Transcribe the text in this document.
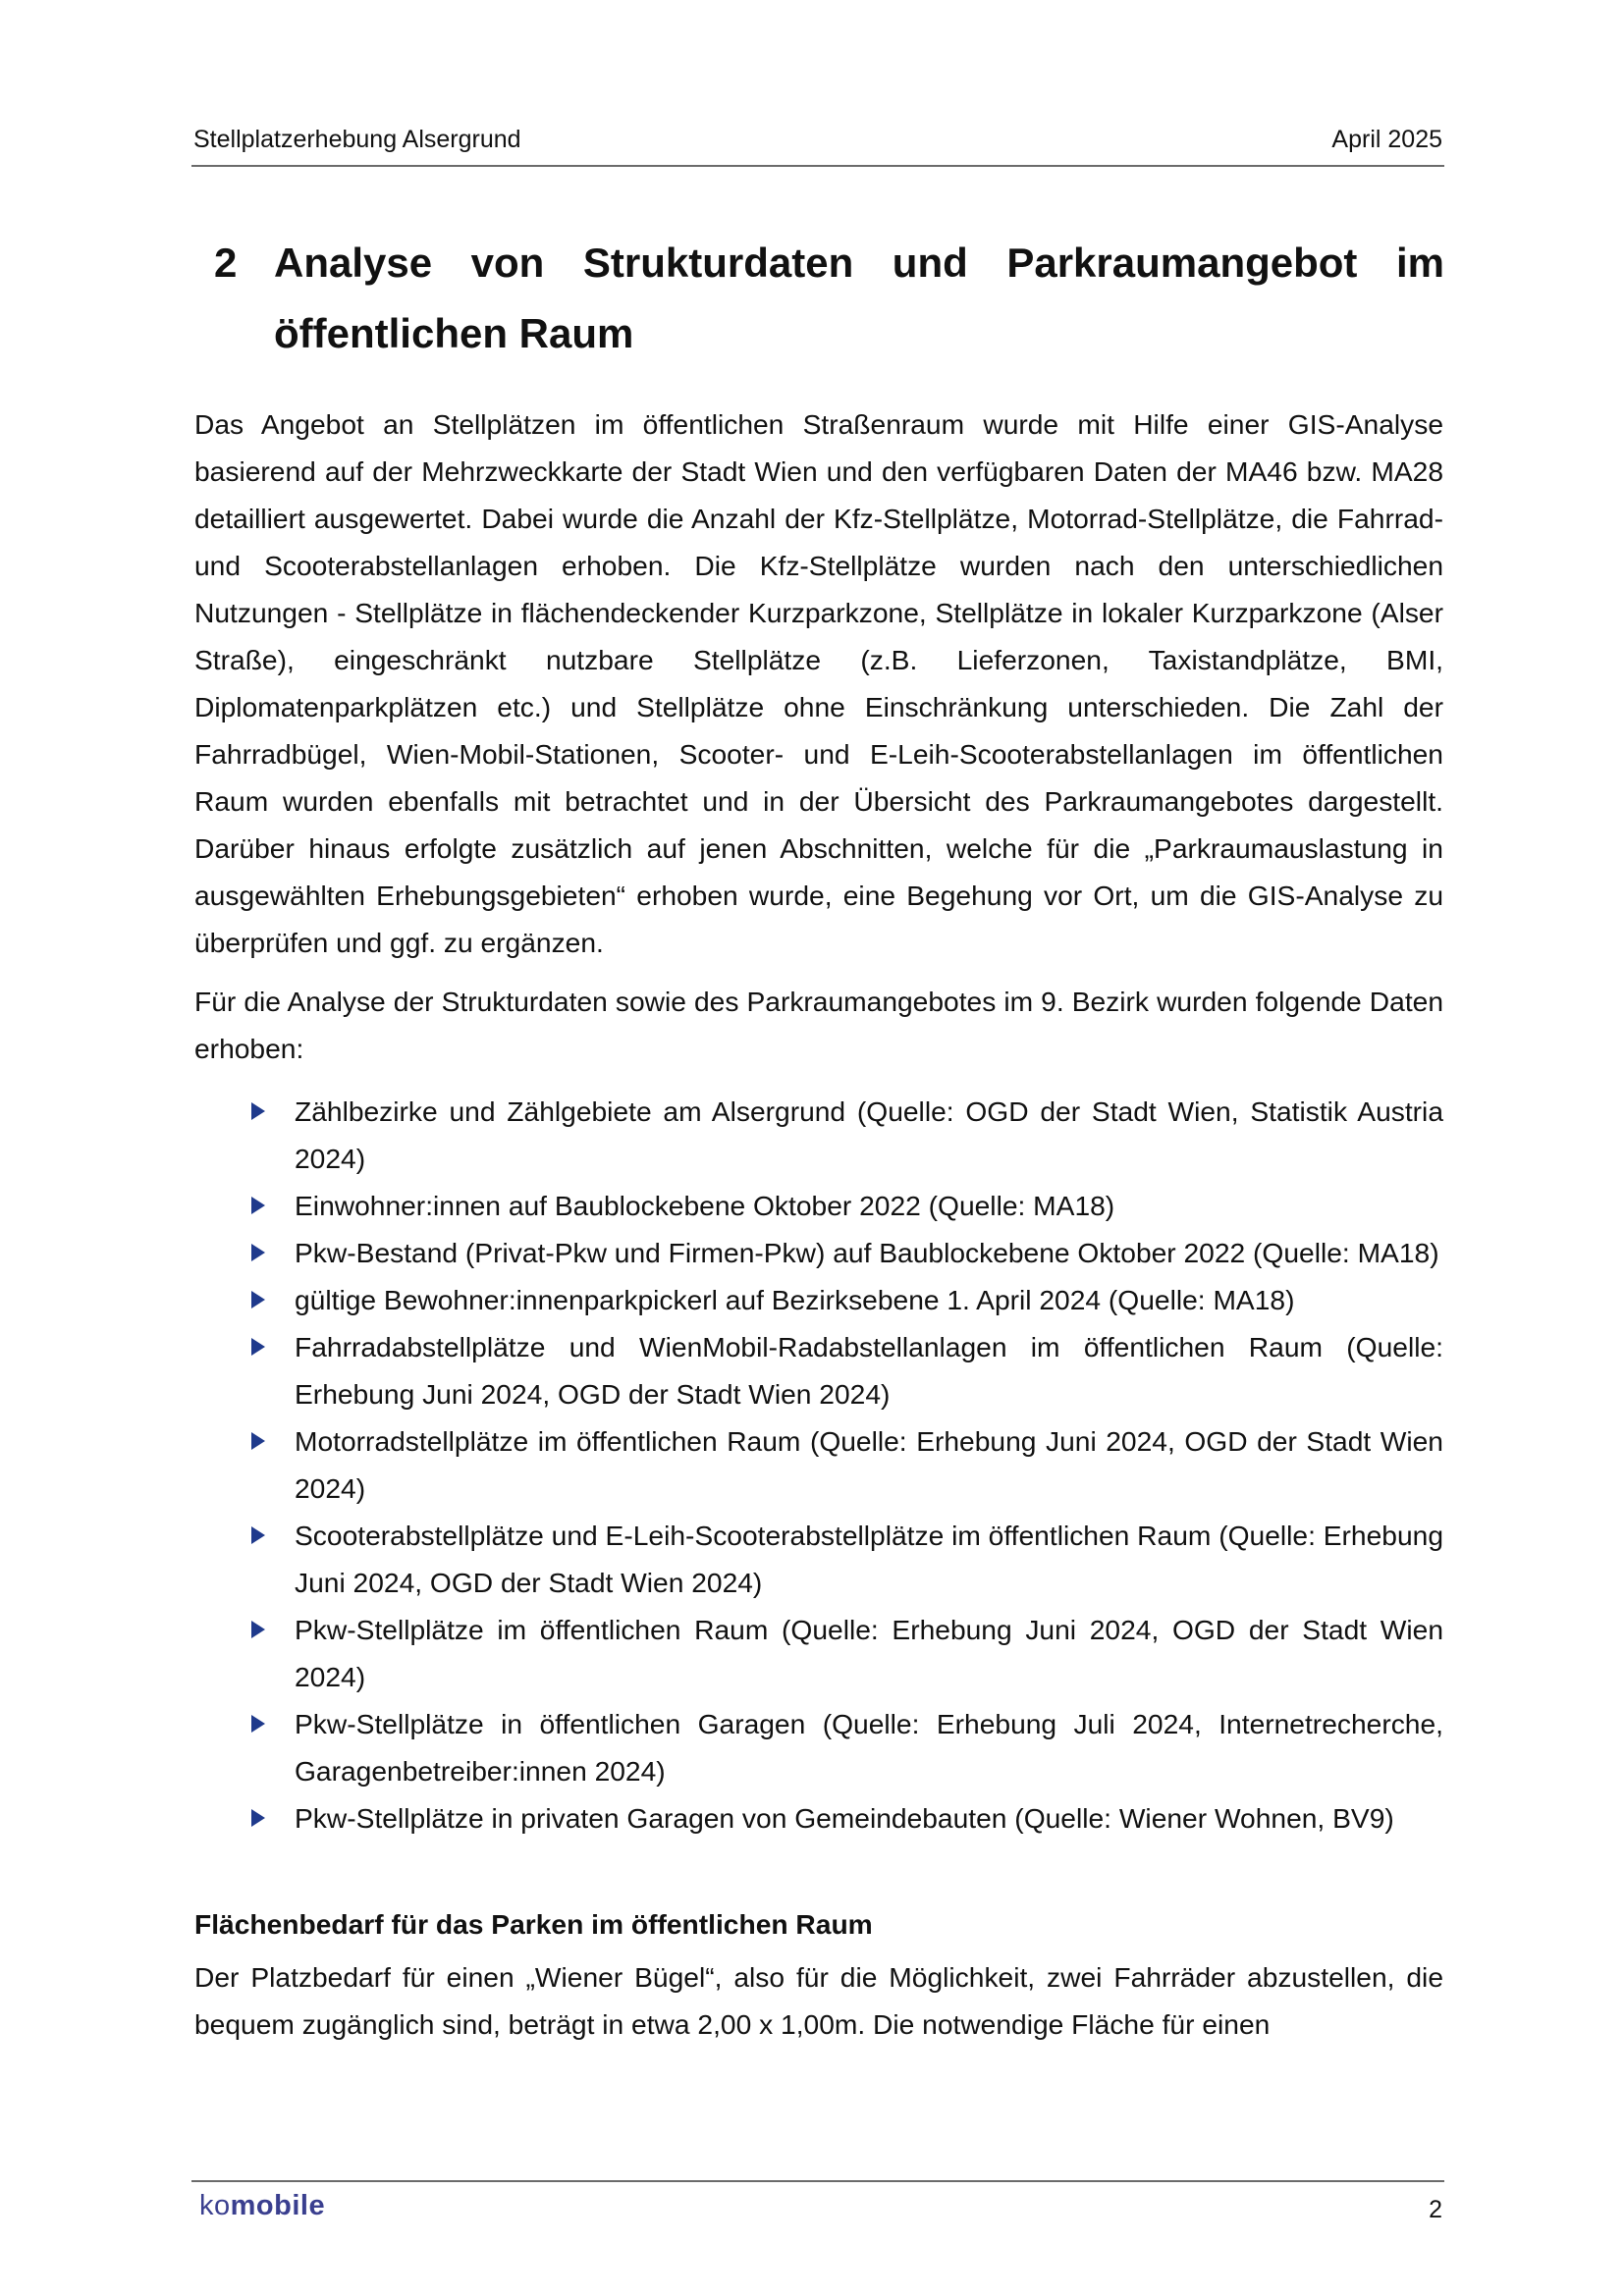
Stellplatzerhebung Alsergrund	April 2025
2 Analyse von Strukturdaten und Parkraumangebot im öffentlichen Raum

Das Angebot an Stellplätzen im öffentlichen Straßenraum wurde mit Hilfe einer GIS-Analyse basierend auf der Mehrzweckkarte der Stadt Wien und den verfügbaren Daten der MA46 bzw. MA28 detailliert ausgewertet. Dabei wurde die Anzahl der Kfz-Stellplätze, Motorrad-Stellplätze, die Fahrrad- und Scooterabstellanlagen erhoben. Die Kfz-Stellplätze wurden nach den unterschiedlichen Nutzungen - Stellplätze in flächendeckender Kurzparkzone, Stellplätze in lokaler Kurzparkzone (Alser Straße), eingeschränkt nutzbare Stellplätze (z.B. Lieferzonen, Taxistandplätze, BMI, Diplomatenparkplätzen etc.) und Stellplätze ohne Einschränkung unterschieden. Die Zahl der Fahrradbügel, Wien-Mobil-Stationen, Scooter- und E-Leih-Scooterabstellanlagen im öffentlichen Raum wurden ebenfalls mit betrachtet und in der Übersicht des Parkraumangebotes dargestellt. Darüber hinaus erfolgte zusätzlich auf jenen Abschnitten, welche für die „Parkraumauslastung in ausgewählten Erhebungsgebieten“ erhoben wurde, eine Begehung vor Ort, um die GIS-Analyse zu überprüfen und ggf. zu ergänzen.

Für die Analyse der Strukturdaten sowie des Parkraumangebotes im 9. Bezirk wurden folgende Daten erhoben:

Zählbezirke und Zählgebiete am Alsergrund (Quelle: OGD der Stadt Wien, Statistik Austria 2024)
Einwohner:innen auf Baublockebene Oktober 2022 (Quelle: MA18)
Pkw-Bestand (Privat-Pkw und Firmen-Pkw) auf Baublockebene Oktober 2022 (Quelle: MA18)
gültige Bewohner:innenparkpickerl auf Bezirksebene 1. April 2024 (Quelle: MA18)
Fahrradabstellplätze und WienMobil-Radabstellanlagen im öffentlichen Raum (Quelle: Erhebung Juni 2024, OGD der Stadt Wien 2024)
Motorradstellplätze im öffentlichen Raum (Quelle: Erhebung Juni 2024, OGD der Stadt Wien 2024)
Scooterabstellplätze und E-Leih-Scooterabstellplätze im öffentlichen Raum (Quelle: Erhebung Juni 2024, OGD der Stadt Wien 2024)
Pkw-Stellplätze im öffentlichen Raum (Quelle: Erhebung Juni 2024, OGD der Stadt Wien 2024)
Pkw-Stellplätze in öffentlichen Garagen (Quelle: Erhebung Juli 2024, Internetrecherche, Garagenbetreiber:innen 2024)
Pkw-Stellplätze in privaten Garagen von Gemeindebauten (Quelle: Wiener Wohnen, BV9)
Flächenbedarf für das Parken im öffentlichen Raum

Der Platzbedarf für einen „Wiener Bügel“, also für die Möglichkeit, zwei Fahrräder abzustellen, die bequem zugänglich sind, beträgt in etwa 2,00 x 1,00m. Die notwendige Fläche für einen

komobile	2
